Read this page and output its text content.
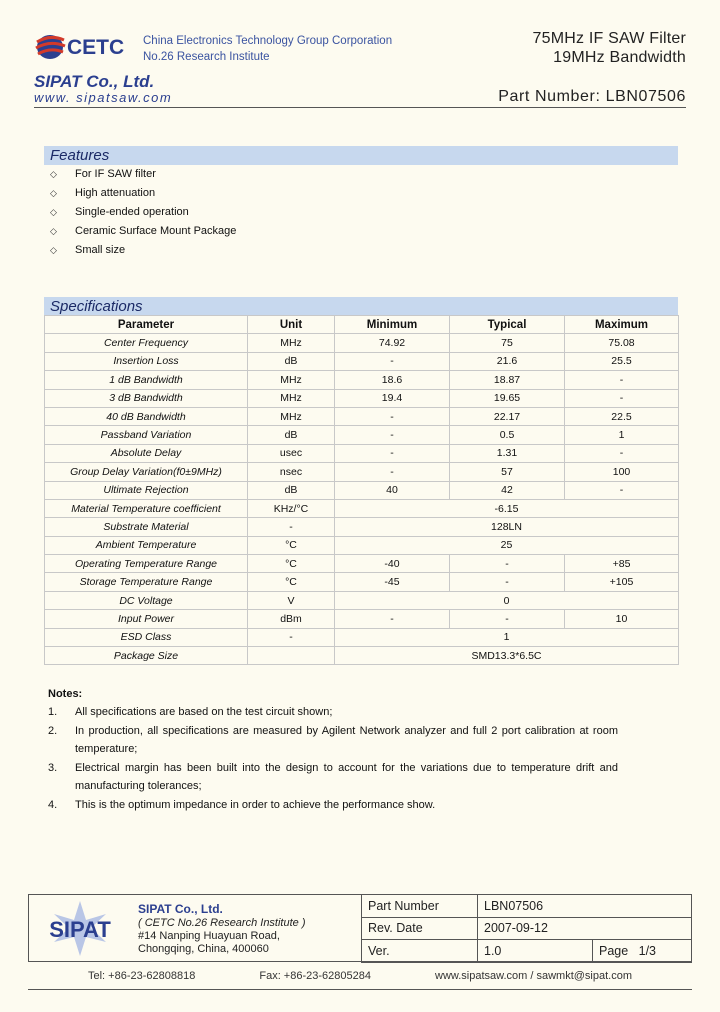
CETC China Electronics Technology Group Corporation
No.26 Research Institute
75MHz IF SAW Filter
19MHz Bandwidth
SIPAT Co., Ltd.
www. sipatsaw.com	Part Number: LBN07506
Features
◇	For IF SAW filter
◇	High attenuation
◇	Single-ended operation
◇	Ceramic Surface Mount Package
◇	Small size
Specifications
Parameter	Unit	Minimum	Typical	Maximum
Center Frequency	MHz	74.92	75	75.08
Insertion Loss	dB	-	21.6	25.5
1 dB Bandwidth	MHz	18.6	18.87	-
3 dB Bandwidth	MHz	19.4	19.65	-
40 dB Bandwidth	MHz	-	22.17	22.5
Passband Variation	dB	-	0.5	1
Absolute Delay	usec	-	1.31	-
Group Delay Variation(f0±9MHz)	nsec	-	57	100
Ultimate Rejection	dB	40	42	-
Material Temperature coefficient	KHz/°C	-6.15		
Substrate Material	-	128LN		
Ambient Temperature	°C	25		
Operating Temperature Range	°C	-40	-	+85
Storage Temperature Range	°C	-45	-	+105
DC Voltage	V	0		
Input Power	dBm	-	-	10
ESD Class	-	1		
Package Size		SMD13.3*6.5C		
Notes:
1.	All specifications are based on the test circuit shown;
2.	In production, all specifications are measured by Agilent Network analyzer and full 2 port calibration at room temperature;
3.	Electrical margin has been built into the design to account for the variations due to temperature drift and manufacturing tolerances;
4.	This is the optimum impedance in order to achieve the performance show.
SIPAT
SIPAT Co., Ltd.
( CETC No.26 Research Institute )
#14 Nanping Huayuan Road,
Chongqing, China, 400060
Part Number	LBN07506	
Rev. Date	2007-09-12	
Ver.	1.0	Page 1/3
Tel: +86-23-62808818	Fax: +86-23-62805284	www.sipatsaw.com / sawmkt@sipat.com
